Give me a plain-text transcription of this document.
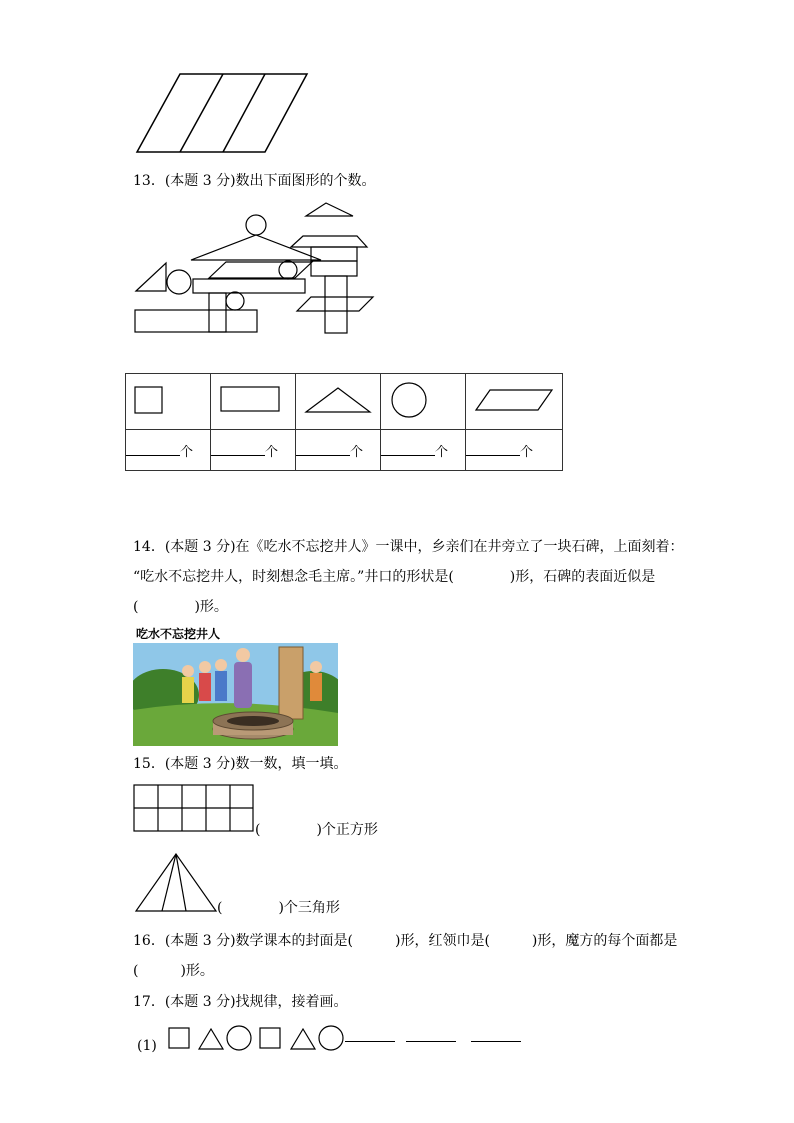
13．(本题 3 分)数出下面图形的个数。

个	个	个	个	个
14．(本题 3 分)在《吃水不忘挖井人》一课中，乡亲们在井旁立了一块石碑，上面刻着：
“吃水不忘挖井人，时刻想念毛主席。”井口的形状是(　　　　)形，石碑的表面近似是
(　　　　)形。
吃水不忘挖井人
15．(本题 3 分)数一数，填一填。
(　　　　)个正方形
(　　　　)个三角形
16．(本题 3 分)数学课本的封面是(　　　)形，红领巾是(　　　)形，魔方的每个面都是
(　　　)形。
17．(本题 3 分)找规律，接着画。
(1)
